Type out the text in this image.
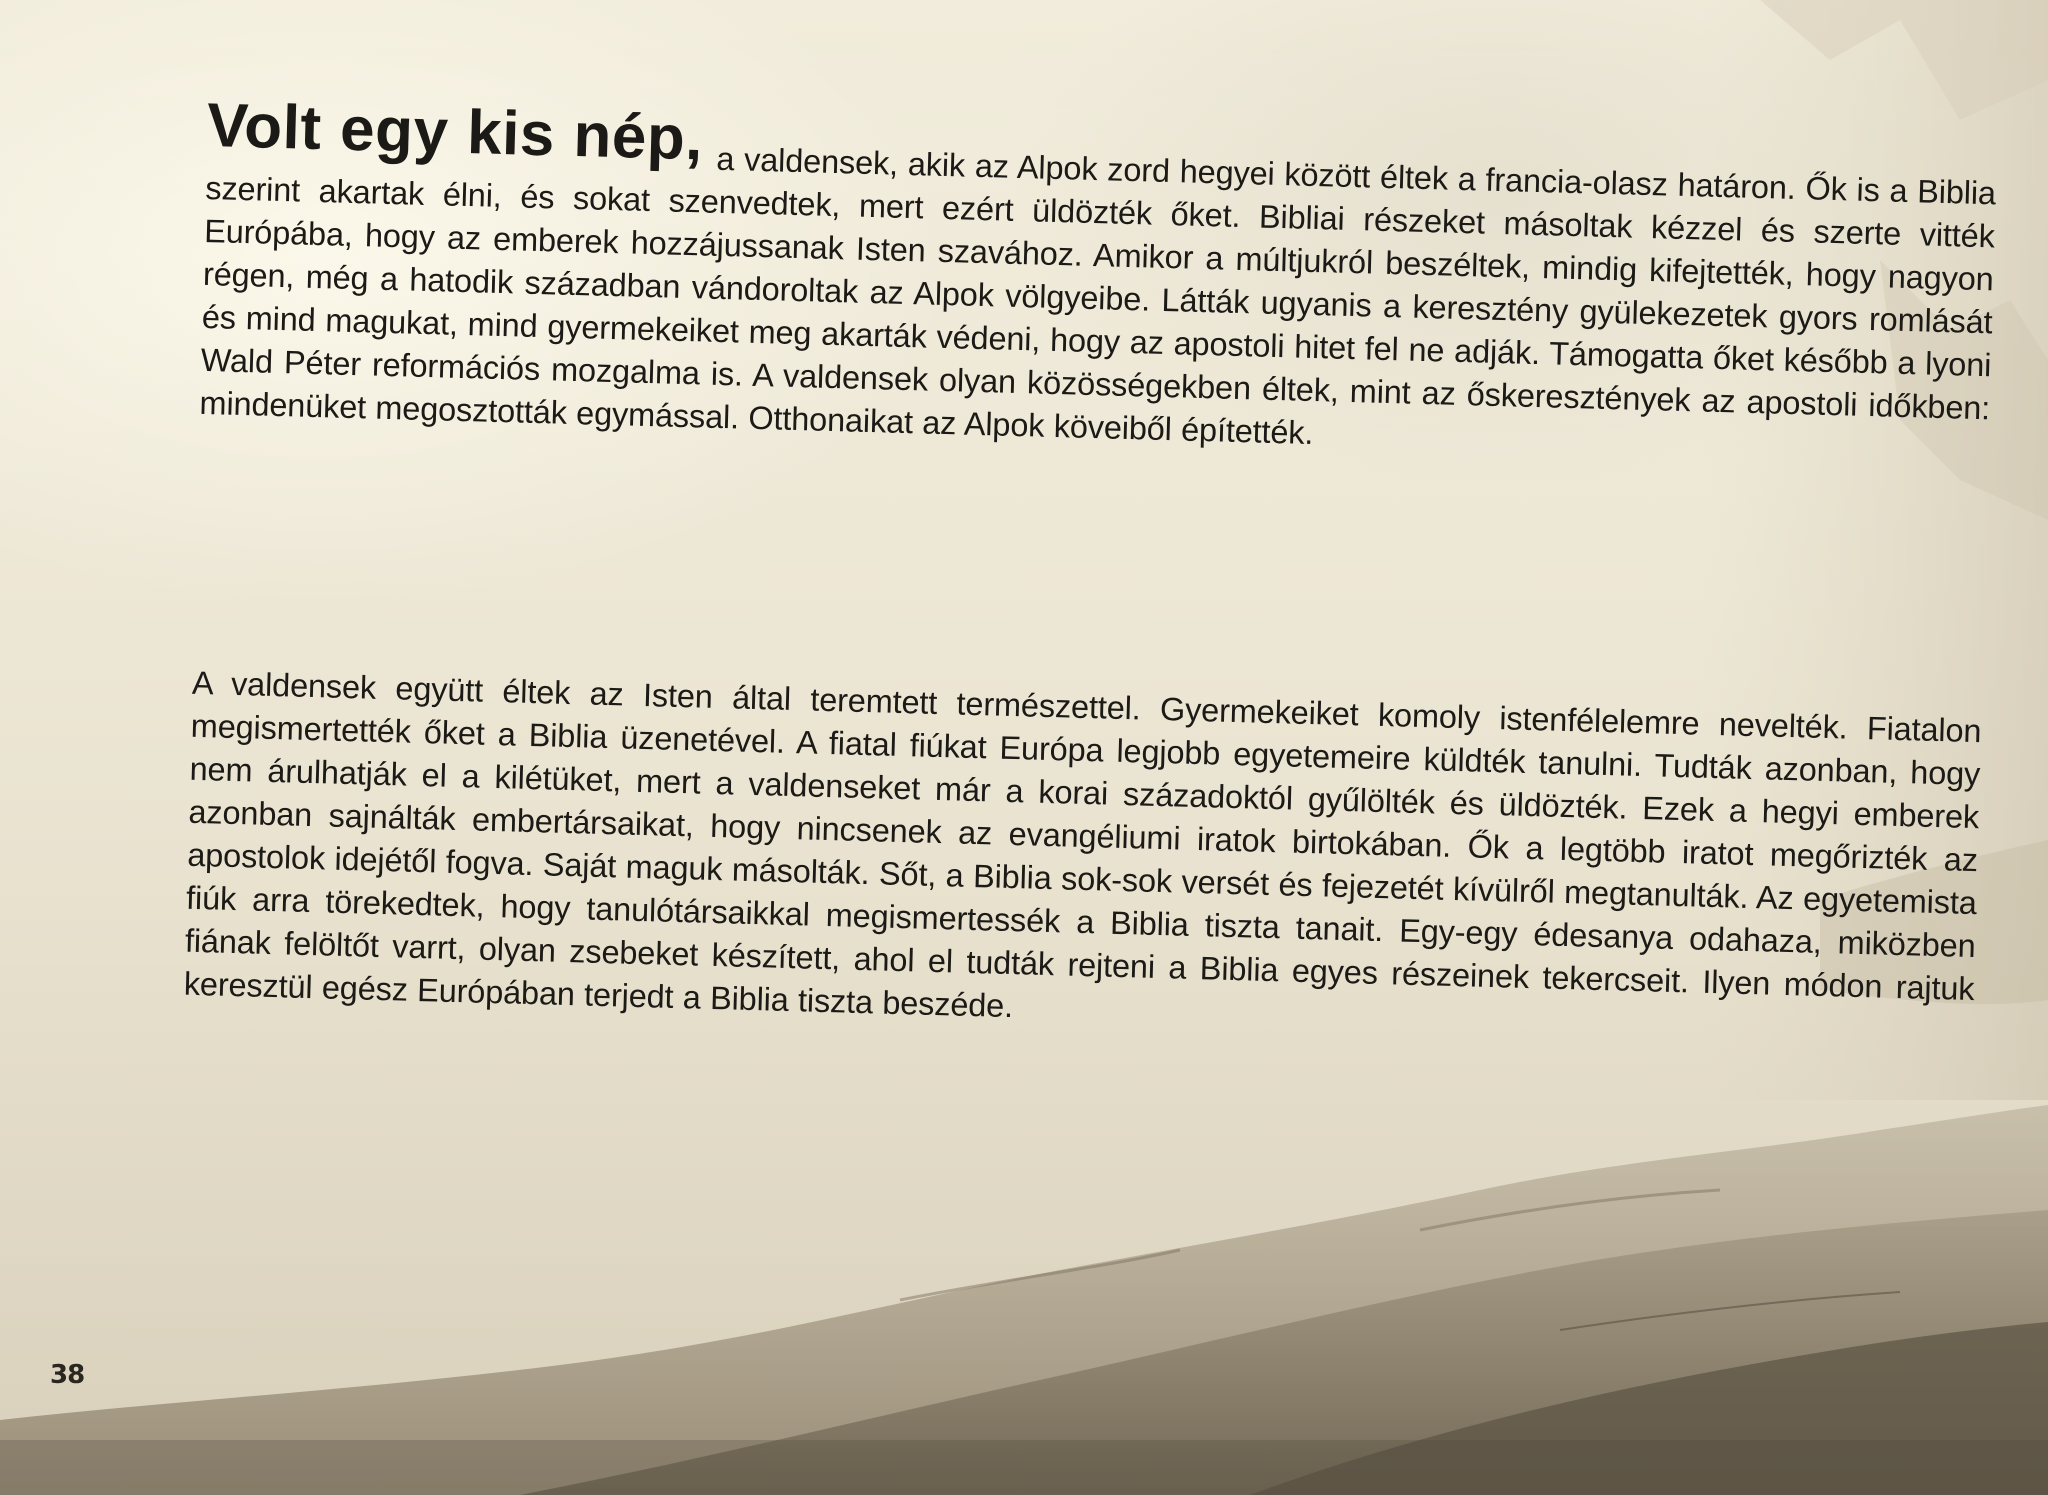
Volt egy kis nép,a valdensek, akik az Alpok zord hegyei között éltek a francia-olasz határon. Ők is a Biblia szerint akartak élni, és sokat szenvedtek, mert ezért üldözték őket. Bibliai részeket másoltak kézzel és szerte vitték Európába, hogy az emberek hozzájussanak Isten szavához. Amikor a múltjukról beszéltek, mindig kifejtették, hogy nagyon régen, még a hatodik században vándoroltak az Alpok völgyeibe. Látták ugyanis a keresztény gyülekezetek gyors romlását és mind magukat, mind gyermekeiket meg akarták védeni, hogy az apostoli hitet fel ne adják. Támogatta őket később a lyoni Wald Péter reformációs mozgalma is. A valdensek olyan közösségekben éltek, mint az őskeresztények az apostoli időkben: mindenüket megosztották egymással. Otthonaikat az Alpok köveiből építették.

A valdensek együtt éltek az Isten által teremtett természettel. Gyermekeiket komoly istenfélelemre nevelték. Fiatalon megismertették őket a Biblia üzenetével. A fiatal fiúkat Európa legjobb egyetemeire küldték tanulni. Tudták azonban, hogy nem árulhatják el a kilétüket, mert a valdenseket már a korai századoktól gyűlölték és üldözték. Ezek a hegyi emberek azonban sajnálták embertársaikat, hogy nincsenek az evangéliumi iratok birtokában. Ők a legtöbb iratot megőrizték az apostolok idejétől fogva. Saját maguk másolták. Sőt, a Biblia sok-sok versét és fejezetét kívülről megtanulták. Az egyetemista fiúk arra törekedtek, hogy tanulótársaikkal megismertessék a Biblia tiszta tanait. Egy-egy édesanya odahaza, miközben fiának felöltőt varrt, olyan zsebeket készített, ahol el tudták rejteni a Biblia egyes részeinek tekercseit. Ilyen módon rajtuk keresztül egész Európában terjedt a Biblia tiszta beszéde.

38
